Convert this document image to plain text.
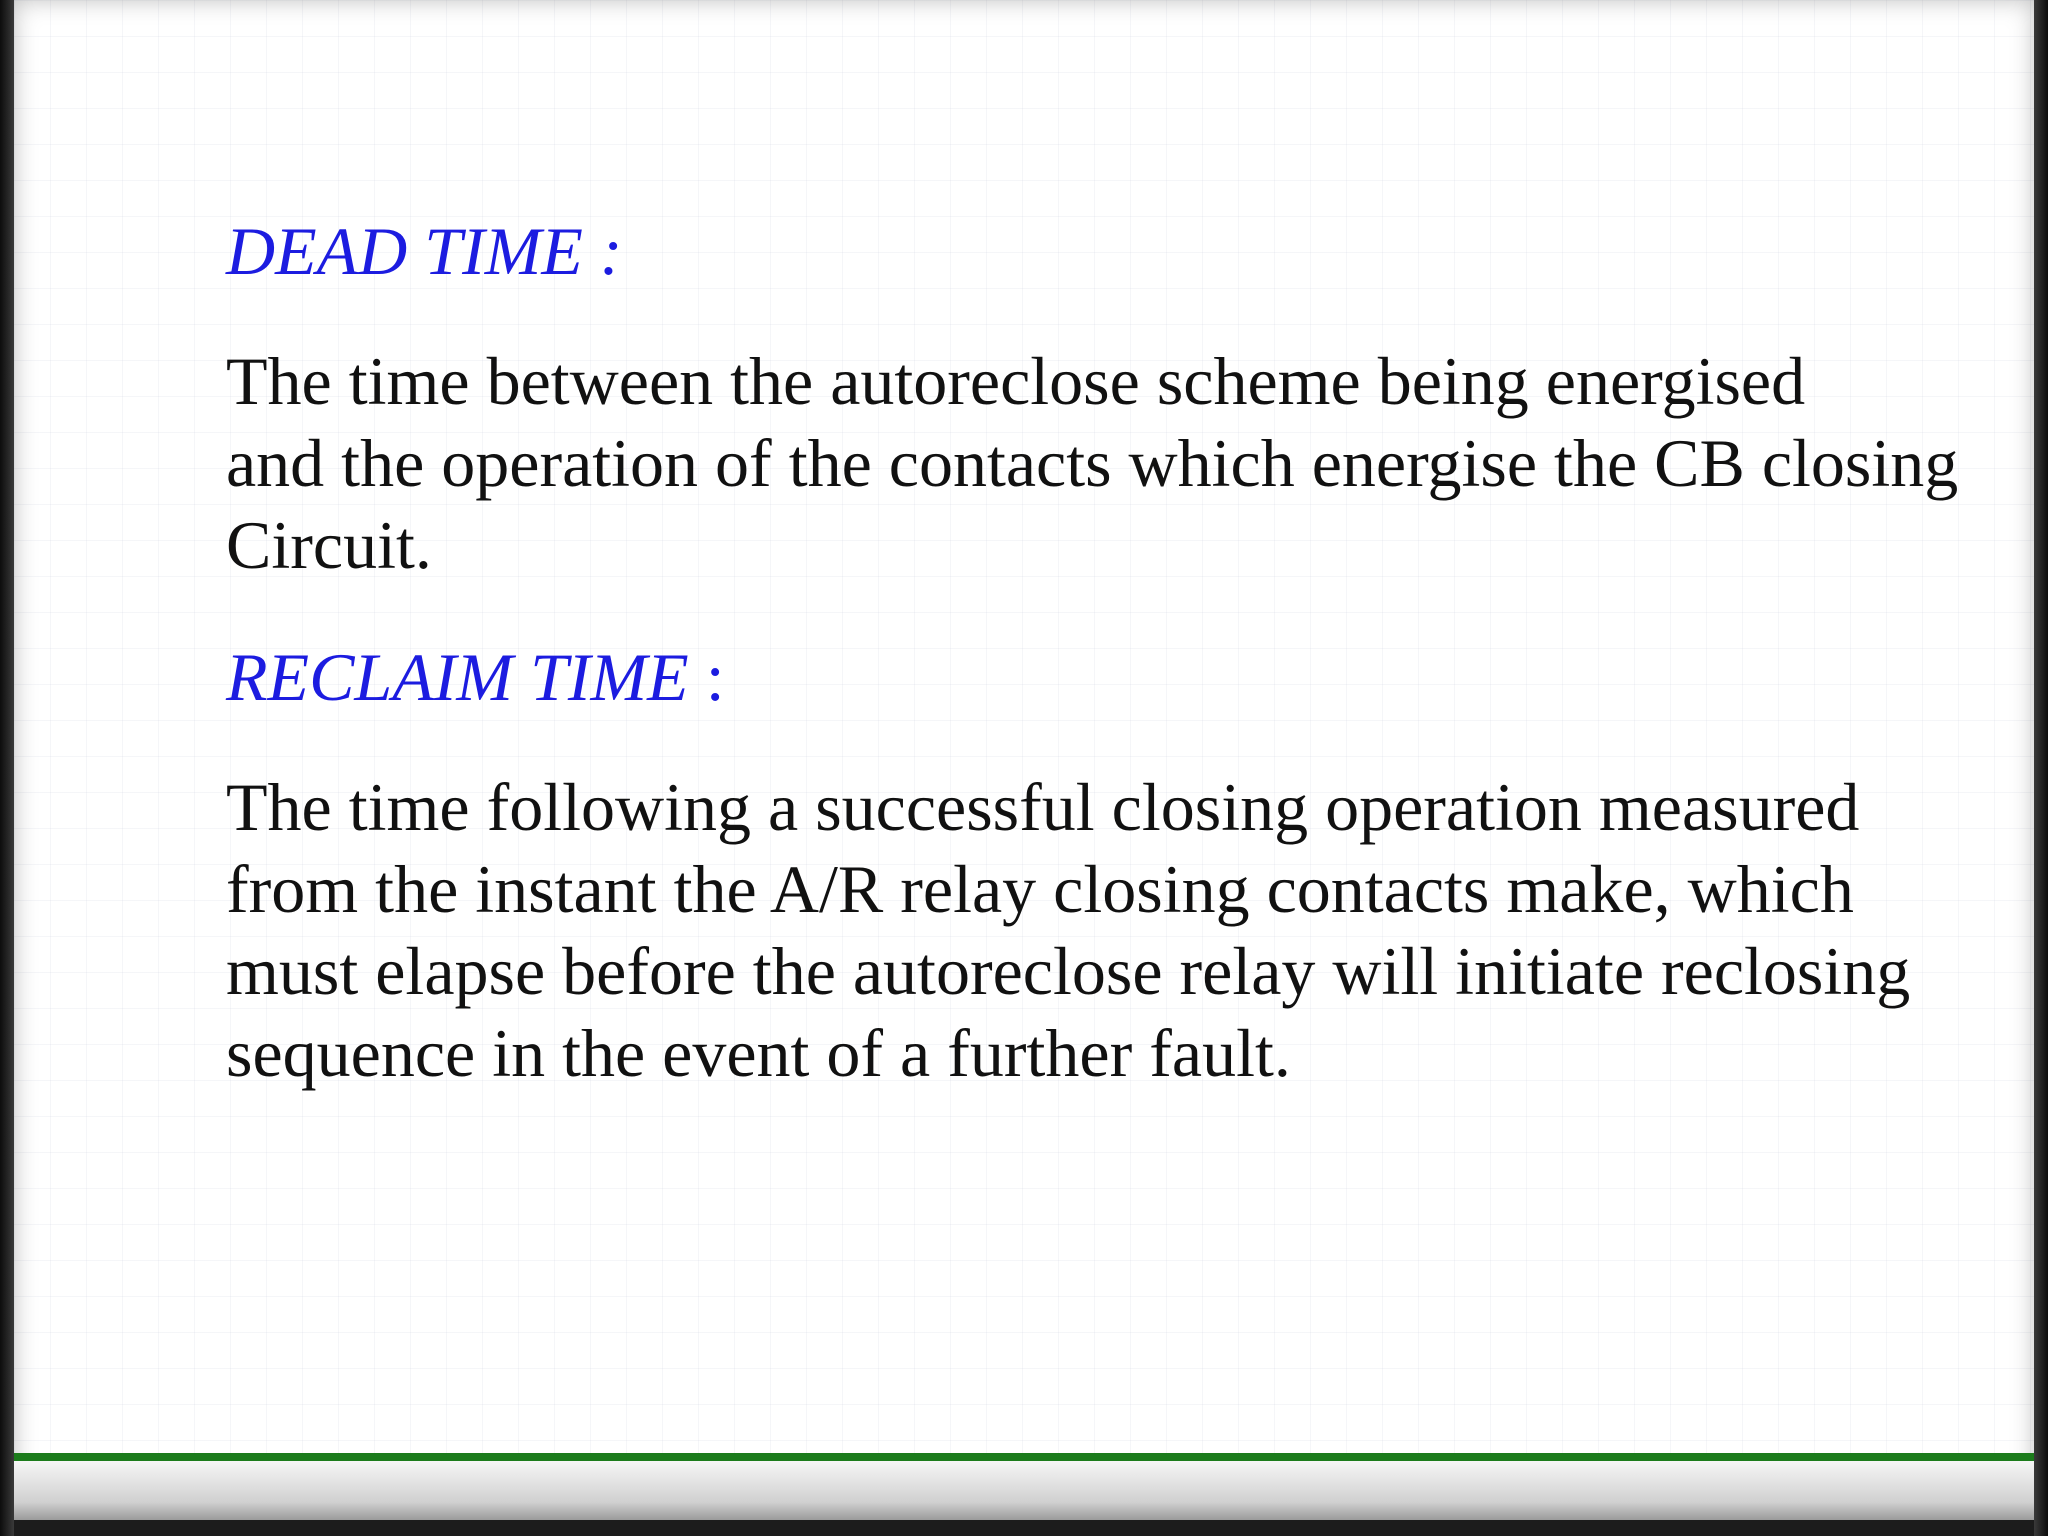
DEAD TIME :

The time between the autoreclose scheme being energised
and the operation of the contacts which energise the CB closing
Circuit.

RECLAIM TIME :

The time following a successful closing operation measured
from the instant the A/R relay closing contacts make, which
must elapse before the autoreclose relay will initiate reclosing
sequence in the event of a further fault.
